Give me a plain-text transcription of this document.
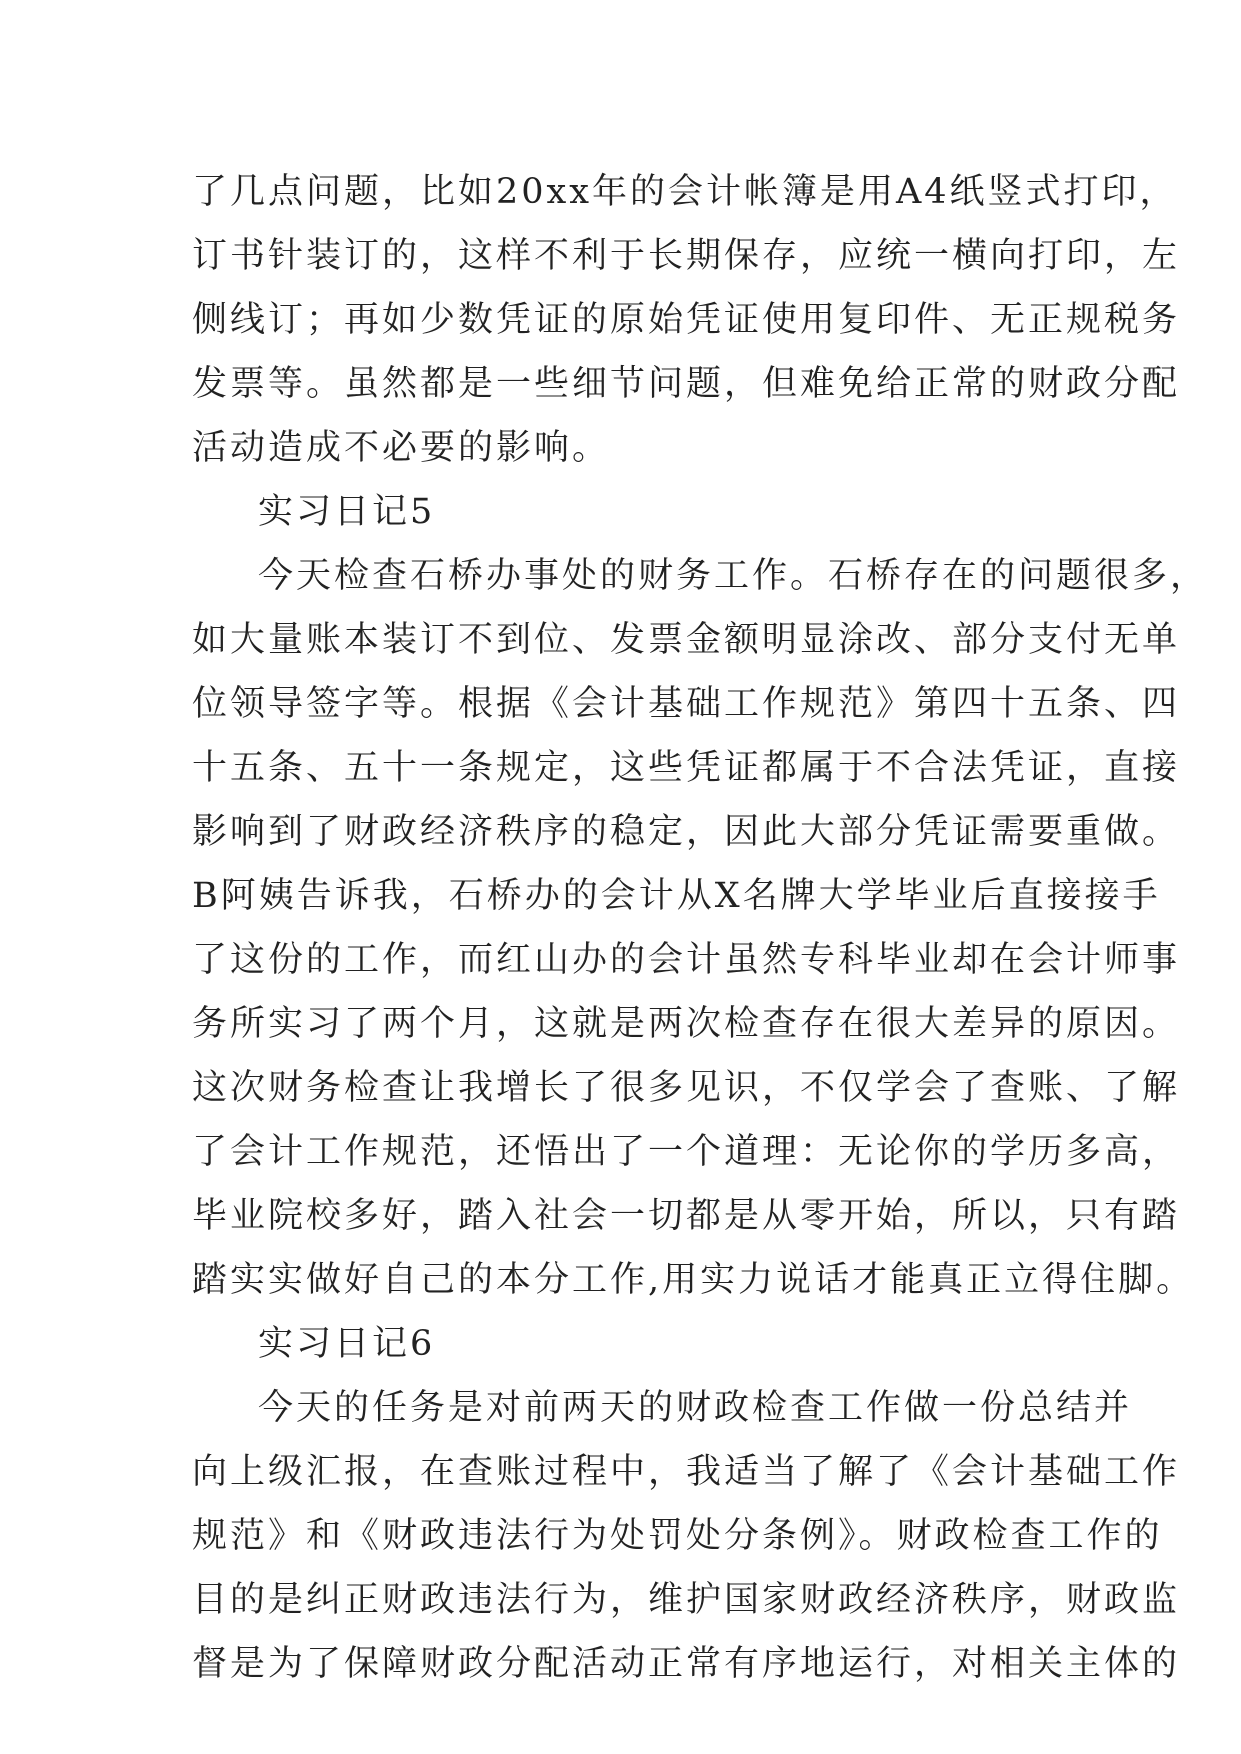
了几点问题，比如20xx年的会计帐簿是用A4纸竖式打印，
订书针装订的，这样不利于长期保存，应统一横向打印，左
侧线订；再如少数凭证的原始凭证使用复印件、无正规税务
发票等。虽然都是一些细节问题，但难免给正常的财政分配
活动造成不必要的影响。
实习日记5
今天检查石桥办事处的财务工作。石桥存在的问题很多，
如大量账本装订不到位、发票金额明显涂改、部分支付无单
位领导签字等。根据《会计基础工作规范》第四十五条、四
十五条、五十一条规定，这些凭证都属于不合法凭证，直接
影响到了财政经济秩序的稳定，因此大部分凭证需要重做。
B阿姨告诉我，石桥办的会计从X名牌大学毕业后直接接手
了这份的工作，而红山办的会计虽然专科毕业却在会计师事
务所实习了两个月，这就是两次检查存在很大差异的原因。
这次财务检查让我增长了很多见识，不仅学会了查账、了解
了会计工作规范，还悟出了一个道理：无论你的学历多高，
毕业院校多好，踏入社会一切都是从零开始，所以，只有踏
踏实实做好自己的本分工作,用实力说话才能真正立得住脚。
实习日记6
今天的任务是对前两天的财政检查工作做一份总结并
向上级汇报，在查账过程中，我适当了解了《会计基础工作
规范》和《财政违法行为处罚处分条例》。财政检查工作的
目的是纠正财政违法行为，维护国家财政经济秩序，财政监
督是为了保障财政分配活动正常有序地运行，对相关主体的
